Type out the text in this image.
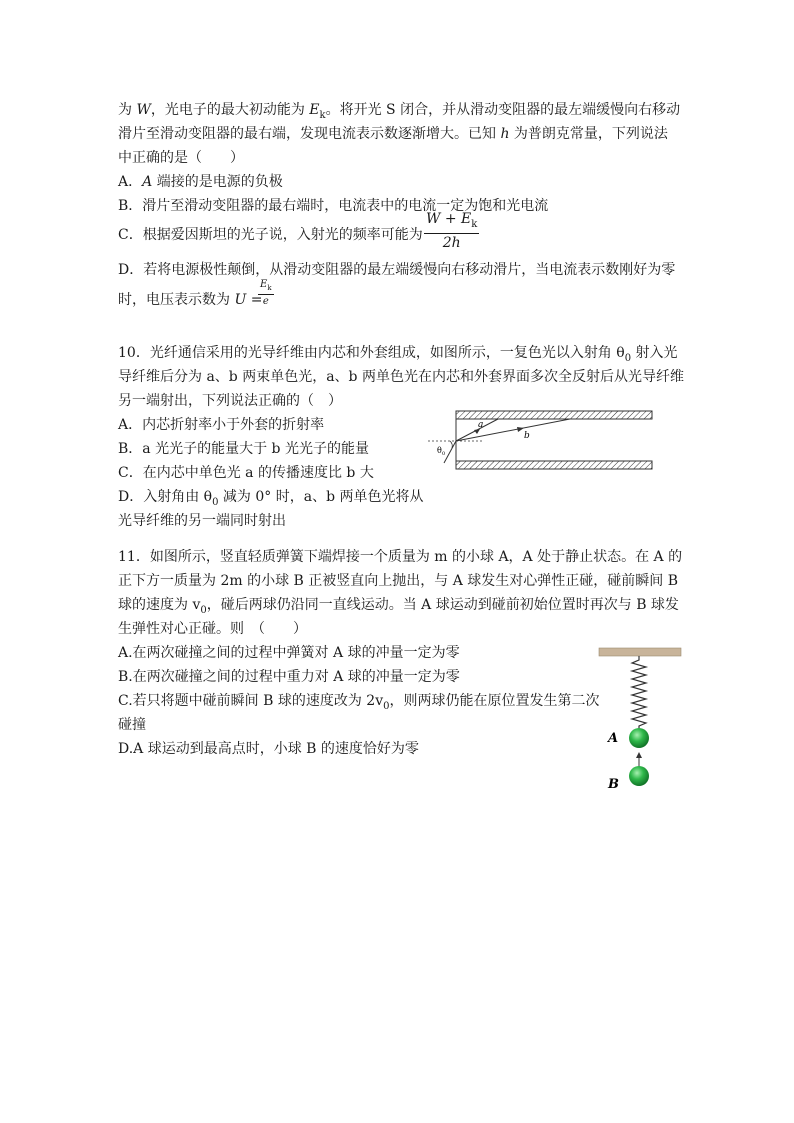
为 W，光电子的最大初动能为 $E_k$。将开光 S 闭合，并从滑动变阻器的最左端缓慢向右移动
滑片至滑动变阻器的最右端，发现电流表示数逐渐增大。已知 h 为普朗克常量，下列说法
中正确的是（　　）
A．A 端接的是电源的负极
B．滑片至滑动变阻器的最右端时，电流表中的电流一定为饱和光电流
C．根据爱因斯坦的光子说，入射光的频率可能为 $\frac{W + E_k}{2h}$
D．若将电源极性颠倒，从滑动变阻器的最左端缓慢向右移动滑片，当电流表示数刚好为零
时，电压表示数为 U =
$\frac{E_k}{e}$
10．光纤通信采用的光导纤维由内芯和外套组成，如图所示，一复色光以入射角 $\theta_0$ 射入光
导纤维后分为 a、b 两束单色光，a、b 两单色光在内芯和外套界面多次全反射后从光导纤维
另一端射出，下列说法正确的（　）
A．内芯折射率小于外套的折射率
B．a 光光子的能量大于 b 光光子的能量
C．在内芯中单色光 a 的传播速度比 b 大
D．入射角由 $\theta_0$ 减为 0° 时，a、b 两单色光将从
光导纤维的另一端同时射出
a
b
θ 0
11．如图所示，竖直轻质弹簧下端焊接一个质量为 m 的小球 A，A 处于静止状态。在 A 的
正下方一质量为 2m 的小球 B 正被竖直向上抛出，与 A 球发生对心弹性正碰，碰前瞬间 B
球的速度为 $v_0$，碰后两球仍沿同一直线运动。当 A 球运动到碰前初始位置时再次与 B 球发
生弹性对心正碰。则　（　　）
A.在两次碰撞之间的过程中弹簧对 A 球的冲量一定为零
B.在两次碰撞之间的过程中重力对 A 球的冲量一定为零
C.若只将题中碰前瞬间 B 球的速度改为 $2v_0$，则两球仍能在原位置发生第二次
碰撞
D.A 球运动到最高点时，小球 B 的速度恰好为零
A
B
